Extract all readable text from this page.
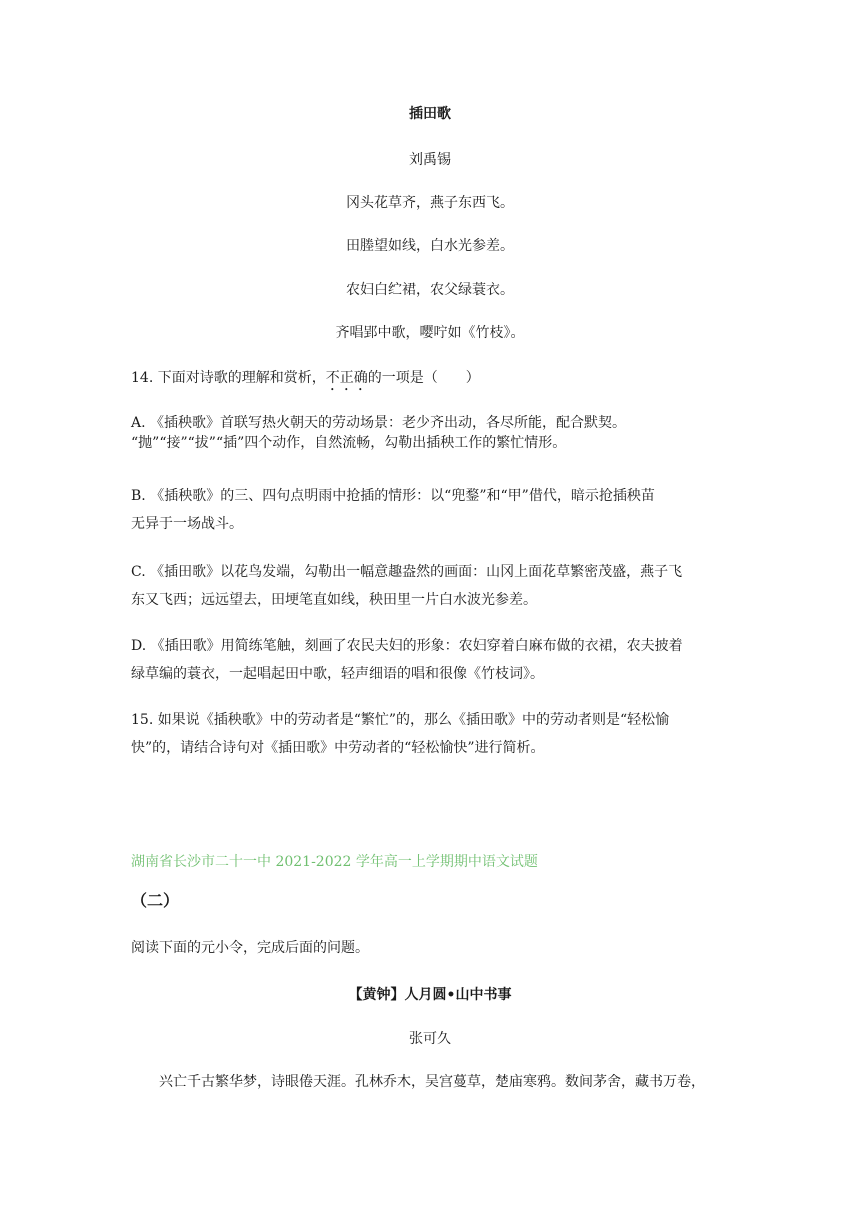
插田歌
刘禹锡
冈头花草齐，燕子东西飞。
田塍望如线，白水光参差。
农妇白纻裙，农父绿蓑衣。
齐唱郢中歌，嘤咛如《竹枝》。
14. 下面对诗歌的理解和赏析，不正确的一项是（　　）
A. 《插秧歌》首联写热火朝天的劳动场景：老少齐出动，各尽所能，配合默契。
“抛”“接”“拔”“插”四个动作，自然流畅，勾勒出插秧工作的繁忙情形。
B. 《插秧歌》的三、四句点明雨中抢插的情形：以“兜鍪”和“甲”借代，暗示抢插秧苗
无异于一场战斗。
C. 《插田歌》以花鸟发端，勾勒出一幅意趣盎然的画面：山冈上面花草繁密茂盛，燕子飞
东又飞西；远远望去，田埂笔直如线，秧田里一片白水波光参差。
D. 《插田歌》用简练笔触，刻画了农民夫妇的形象：农妇穿着白麻布做的衣裙，农夫披着
绿草编的蓑衣，一起唱起田中歌，轻声细语的唱和很像《竹枝词》。
15. 如果说《插秧歌》中的劳动者是“繁忙”的，那么《插田歌》中的劳动者则是“轻松愉
快”的，请结合诗句对《插田歌》中劳动者的“轻松愉快”进行简析。
湖南省长沙市二十一中 2021-2022 学年高一上学期期中语文试题
（二）
阅读下面的元小令，完成后面的问题。
【黄钟】人月圆•山中书事
张可久
兴亡千古繁华梦，诗眼倦天涯。孔林乔木，吴宫蔓草，楚庙寒鸦。数间茅舍，藏书万卷，
